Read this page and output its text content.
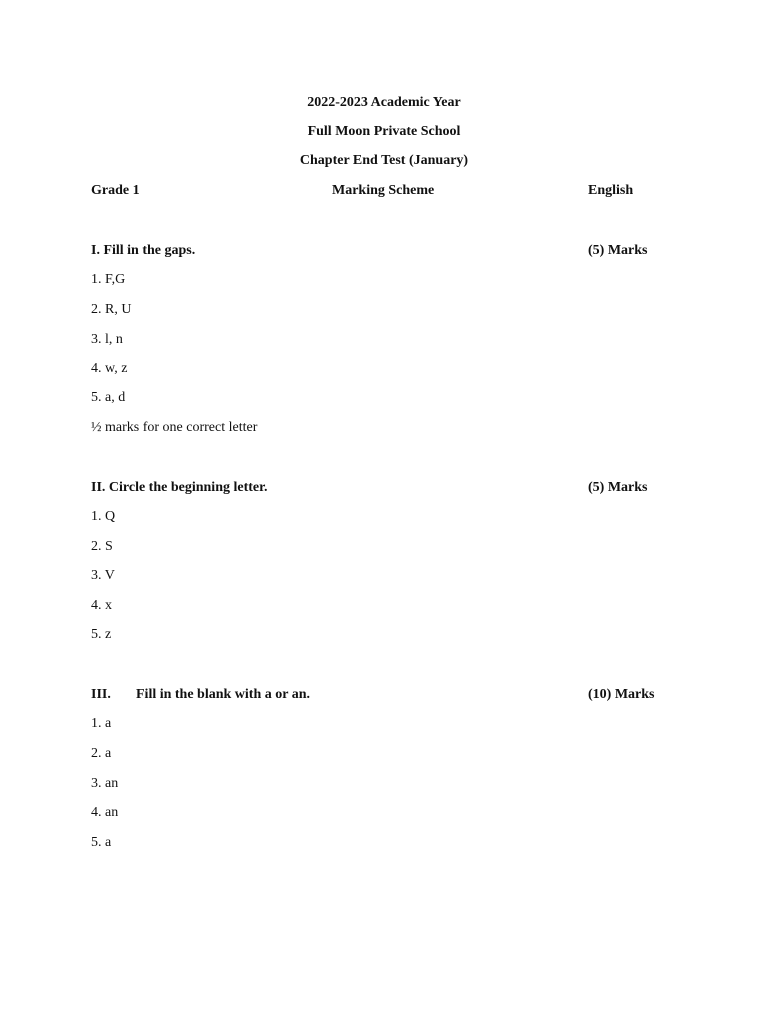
2022-2023 Academic Year
Full Moon Private School
Chapter End Test (January)
Grade 1	Marking Scheme	English
I. Fill in the gaps.	(5) Marks
1. F,G
2. R, U
3. l, n
4. w, z
5. a, d
½ marks for one correct letter
II. Circle the beginning letter.	(5) Marks
1. Q
2. S
3. V
4. x
5. z
III. Fill in the blank with a or an.	(10) Marks
1. a
2. a
3. an
4. an
5. a
